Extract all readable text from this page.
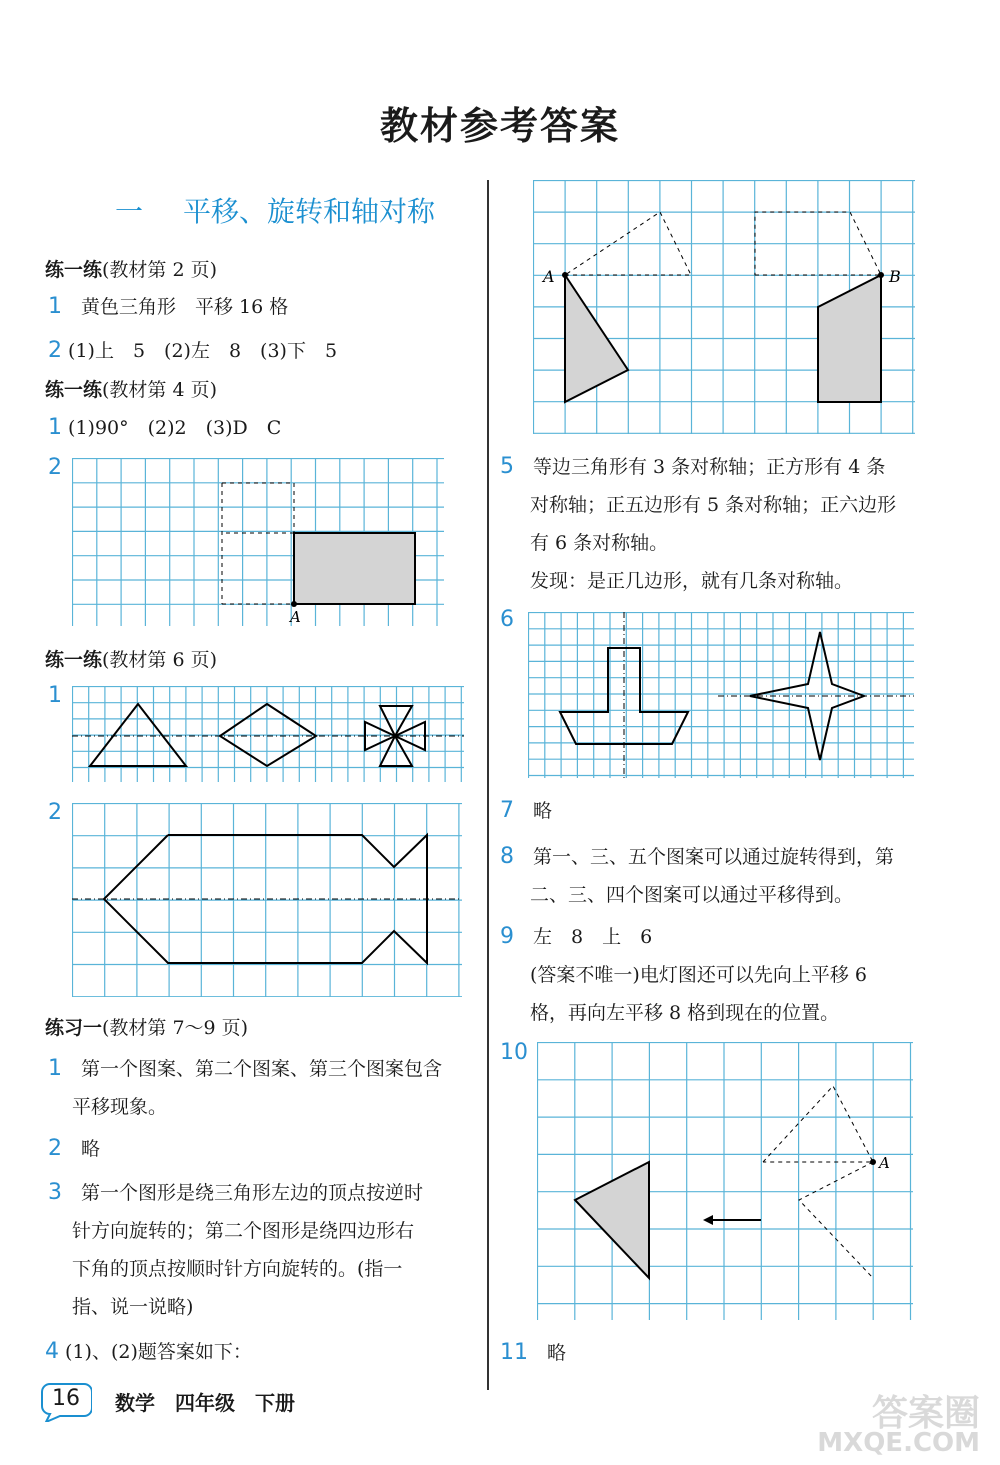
教材参考答案
一 平移、旋转和轴对称
练一练(教材第 2 页)
1　 黄色三角形　平移 16 格
2 (1)上　5　(2)左　8　(3)下　5
练一练(教材第 4 页)
1 (1)90°　(2)2　(3)D　C
2
A
练一练(教材第 6 页)
1
2
练习一(教材第 7～9 页)
1　 第一个图案、第二个图案、第三个图案包含
平移现象。
2　 略
3　 第一个图形是绕三角形左边的顶点按逆时
针方向旋转的；第二个图形是绕四边形右
下角的顶点按顺时针方向旋转的。(指一
指、说一说略)
4 (1)、(2)题答案如下：
A	B
5　 等边三角形有 3 条对称轴；正方形有 4 条
对称轴；正五边形有 5 条对称轴；正六边形
有 6 条对称轴。
发现：是正几边形，就有几条对称轴。
6
7　 略
8　 第一、三、五个图案可以通过旋转得到，第
二、三、四个图案可以通过平移得到。
9　 左　8　上　6
(答案不唯一)电灯图还可以先向上平移 6
格，再向左平移 8 格到现在的位置。
10
A
11　 略
16	数学　四年级　下册	答案圈
MXQE.COM
